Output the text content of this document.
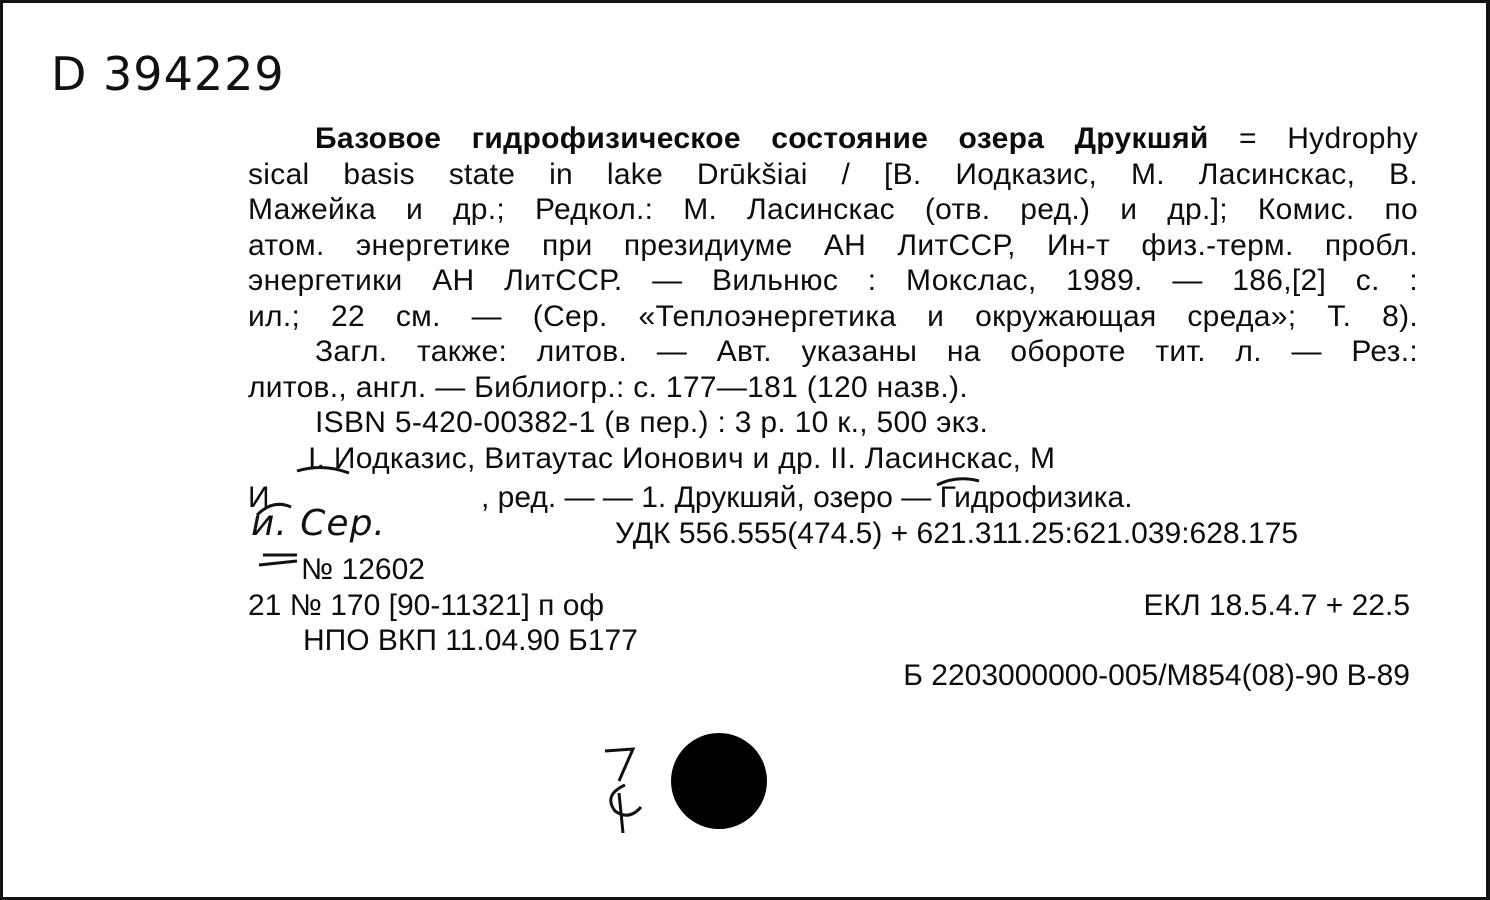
D 394229
Базовое гидрофизическое состояние озера Друкшяй = Hydrophy
sical basis state in lake Drūkšiai / [В. Иодказис, М. Ласинскас, В.
Мажейка и др.; Редкол.: М. Ласинскас (отв. ред.) и др.]; Комис. по
атом. энергетике при президиуме АН ЛитССР, Ин-т физ.-терм. пробл.
энергетики АН ЛитССР. — Вильнюс : Мокслас, 1989. — 186,[2] с. :
ил.; 22 см. — (Сер. «Теплоэнергетика и окружающая среда»; Т. 8).
Загл. также: литов. — Авт. указаны на обороте тит. л. — Рез.:
литов., англ. — Библиогр.: с. 177—181 (120 назв.).
ISBN 5-420-00382-1 (в пер.) : 3 р. 10 к., 500 экз.
I. Иодказис, Витаутас Ионович и др. II. Ласинскас, М
И	, ред. — — 1. Друкшяй, озеро — Гидрофизика.
и. Сер.	УДК 556.555(474.5) + 621.311.25:621.039:628.175
№ 12602
21 № 170 [90-11321] п оф	ЕКЛ 18.5.4.7 + 22.5
НПО ВКП 11.04.90 Б177
Б 2203000000-005/М854(08)-90 В-89
